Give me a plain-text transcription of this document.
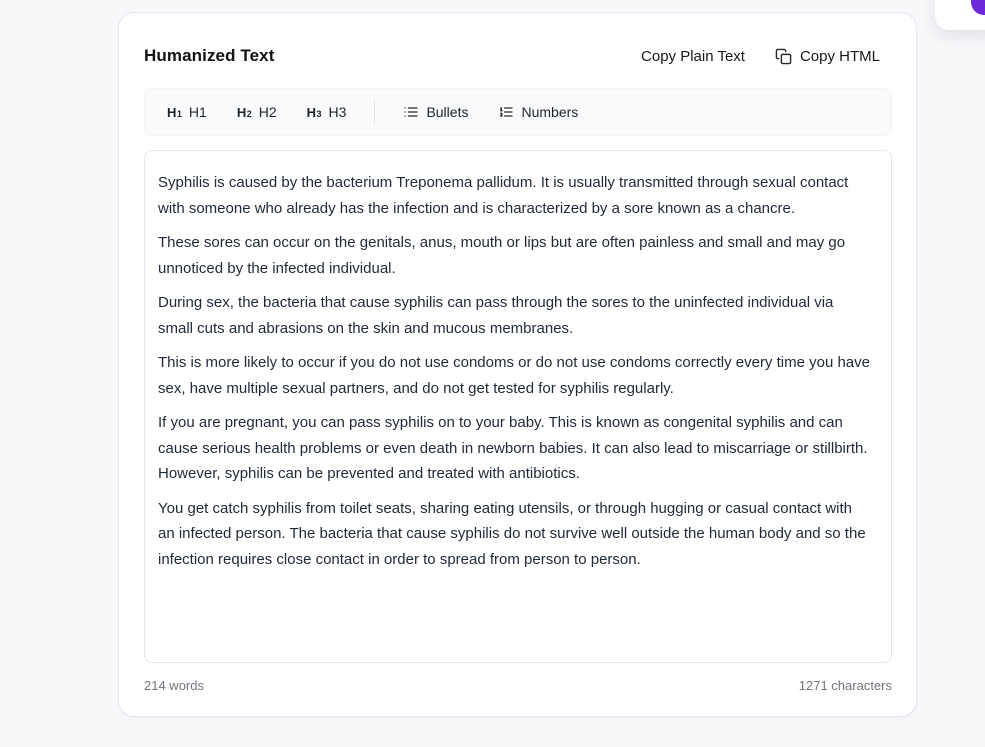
Humanized Text	Copy Plain Text	Copy HTML
H 1 H1 H 2 H2 H 3 H3	Bullets	Numbers

Syphilis is caused by the bacterium Treponema pallidum. It is usually transmitted through sexual contact with someone who already has the infection and is characterized by a sore known as a chancre.

These sores can occur on the genitals, anus, mouth or lips but are often painless and small and may go unnoticed by the infected individual.

During sex, the bacteria that cause syphilis can pass through the sores to the uninfected individual via small cuts and abrasions on the skin and mucous membranes.

This is more likely to occur if you do not use condoms or do not use condoms correctly every time you have sex, have multiple sexual partners, and do not get tested for syphilis regularly.

If you are pregnant, you can pass syphilis on to your baby. This is known as congenital syphilis and can cause serious health problems or even death in newborn babies. It can also lead to miscarriage or stillbirth. However, syphilis can be prevented and treated with antibiotics.

You get catch syphilis from toilet seats, sharing eating utensils, or through hugging or casual contact with an infected person. The bacteria that cause syphilis do not survive well outside the human body and so the infection requires close contact in order to spread from person to person.

214 words	1271 characters
